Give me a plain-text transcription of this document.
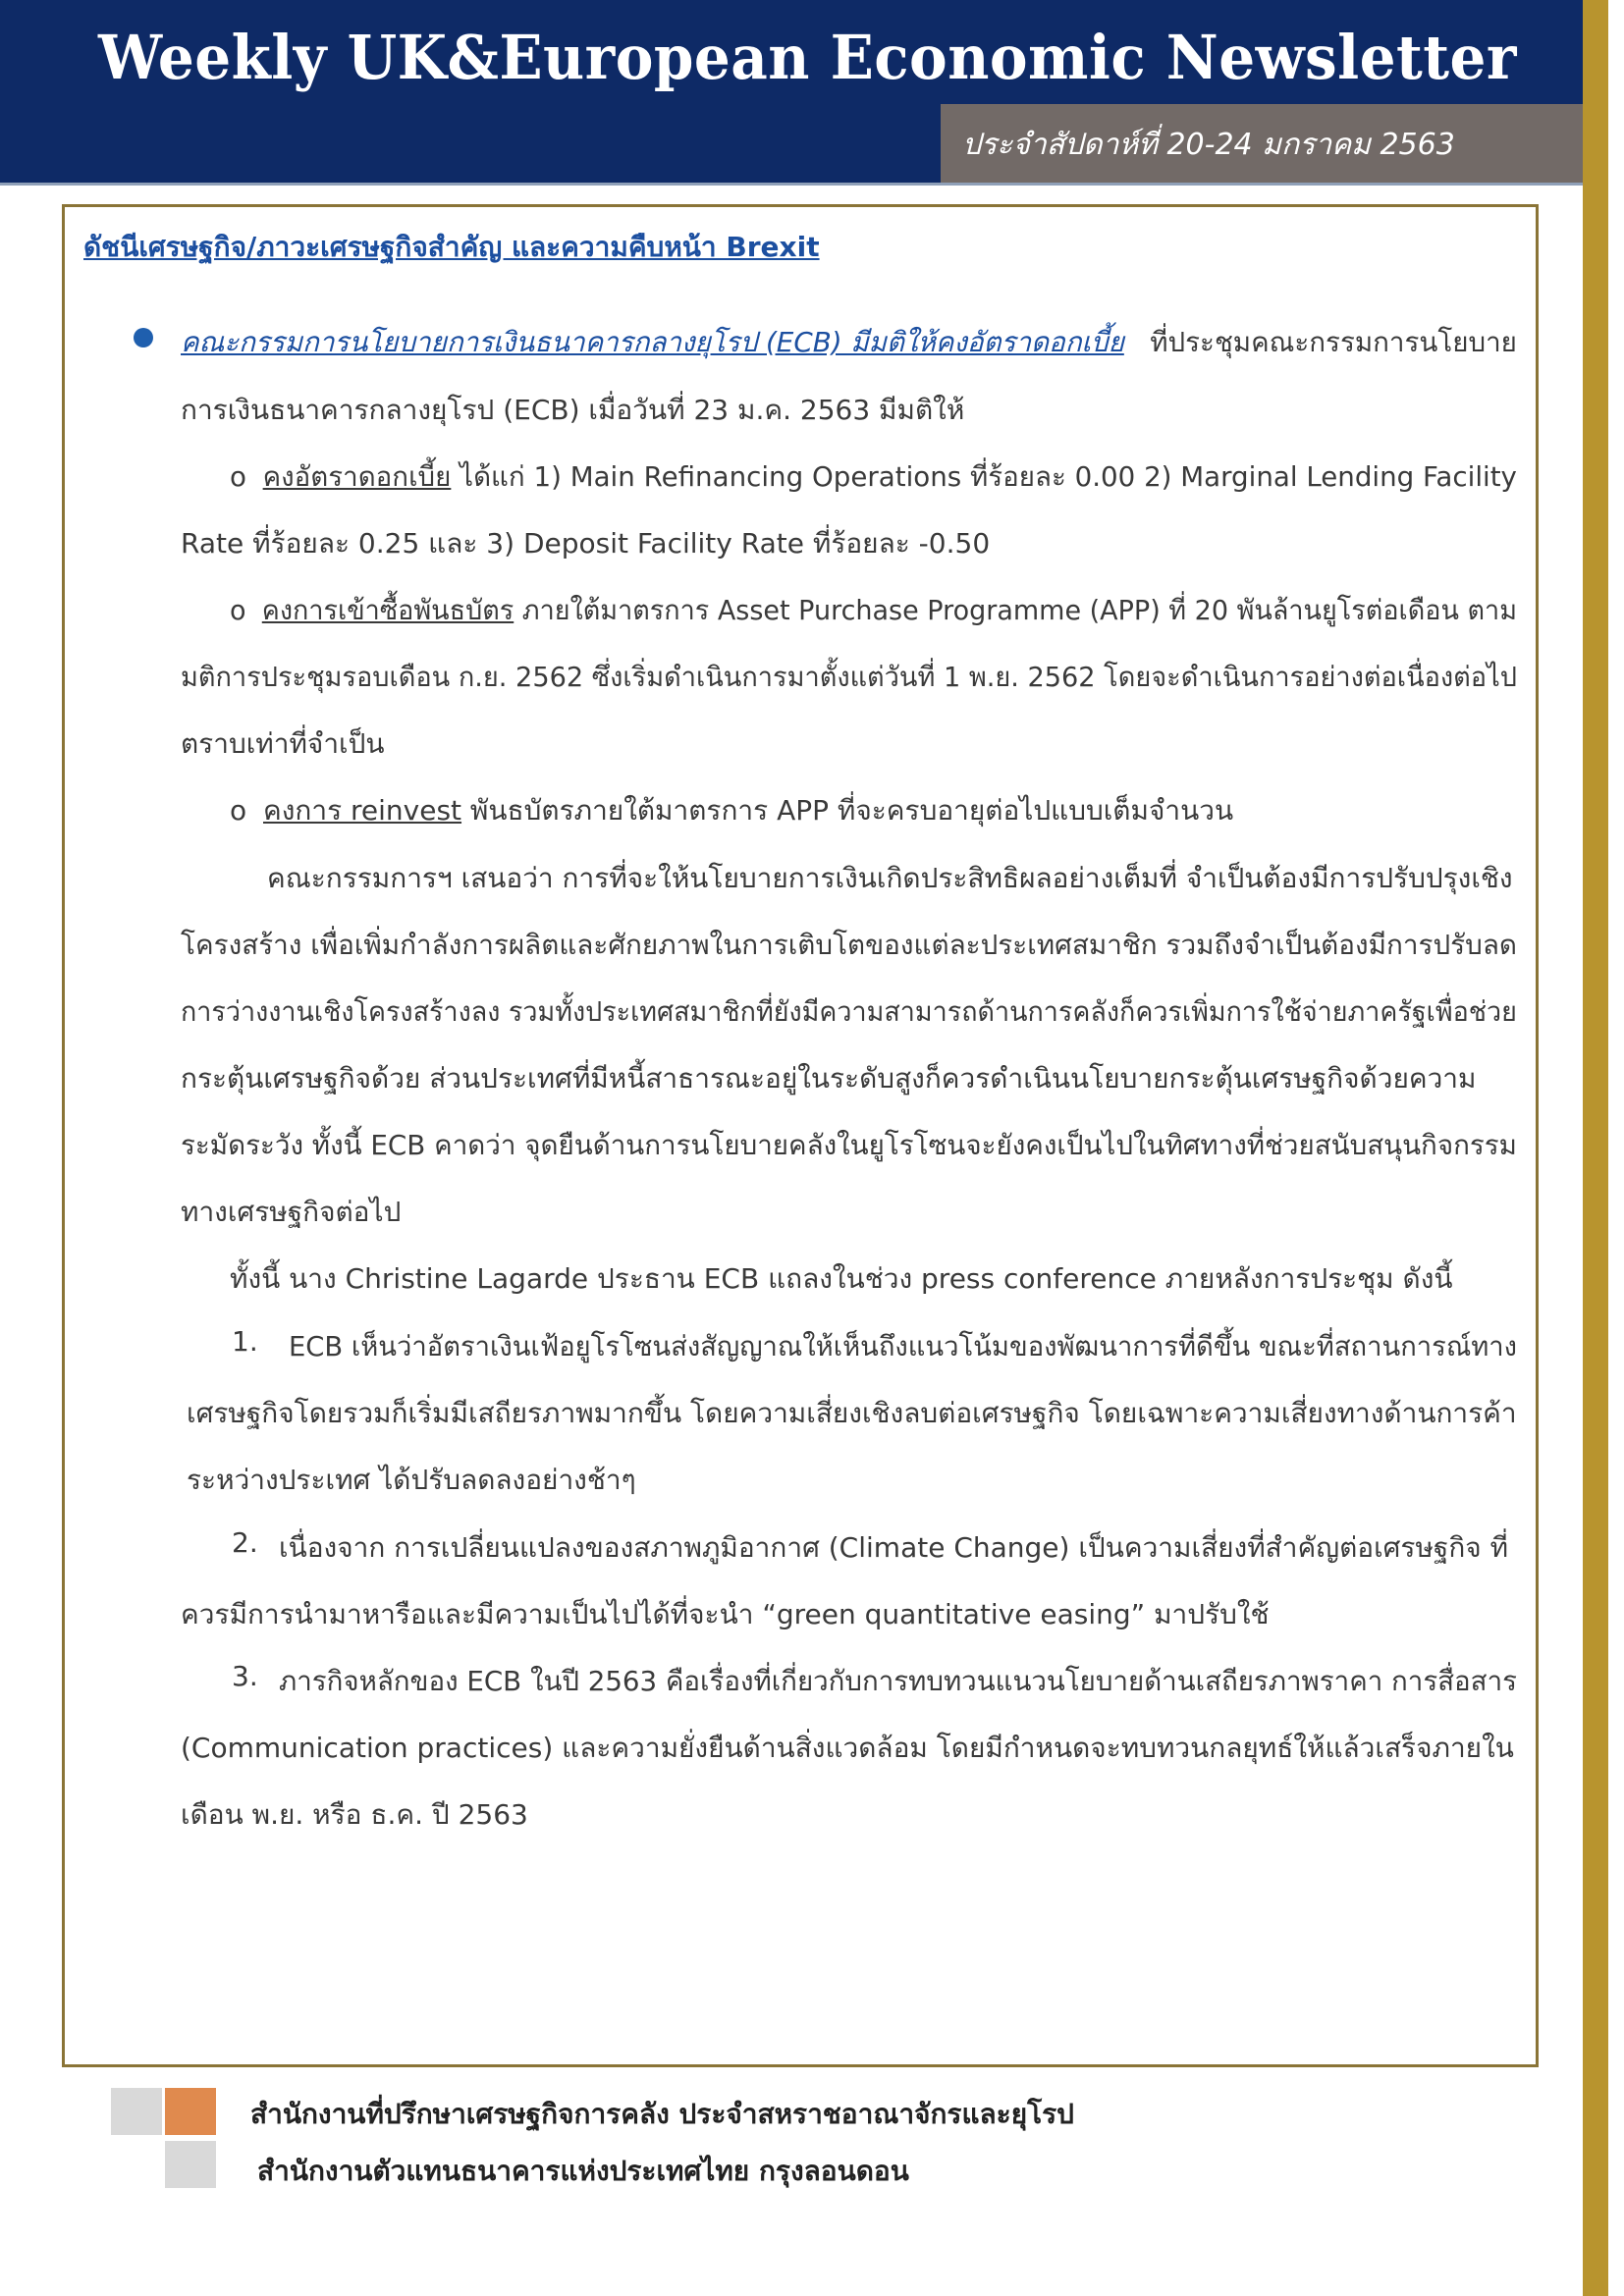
Weekly UK&European Economic Newsletter
ประจำสัปดาห์ที่ 20-24 มกราคม 2563
ดัชนีเศรษฐกิจ/ภาวะเศรษฐกิจสำคัญ และความคืบหน้า Brexit
คณะกรรมการนโยบายการเงินธนาคารกลางยุโรป (ECB) มีมติให้คงอัตราดอกเบี้ย ที่ประชุมคณะกรรมการนโยบาย
การเงินธนาคารกลางยุโรป (ECB) เมื่อวันที่ 23 ม.ค. 2563 มีมติให้
o คงอัตราดอกเบี้ย ได้แก่ 1) Main Refinancing Operations ที่ร้อยละ 0.00 2) Marginal Lending Facility
Rate ที่ร้อยละ 0.25 และ 3) Deposit Facility Rate ที่ร้อยละ -0.50
o คงการเข้าซื้อพันธบัตร ภายใต้มาตรการ Asset Purchase Programme (APP) ที่ 20 พันล้านยูโรต่อเดือน ตาม
มติการประชุมรอบเดือน ก.ย. 2562 ซึ่งเริ่มดำเนินการมาตั้งแต่วันที่ 1 พ.ย. 2562 โดยจะดำเนินการอย่างต่อเนื่องต่อไป
ตราบเท่าที่จำเป็น
o คงการ reinvest พันธบัตรภายใต้มาตรการ APP ที่จะครบอายุต่อไปแบบเต็มจำนวน
คณะกรรมการฯ เสนอว่า การที่จะให้นโยบายการเงินเกิดประสิทธิผลอย่างเต็มที่ จำเป็นต้องมีการปรับปรุงเชิง
โครงสร้าง เพื่อเพิ่มกำลังการผลิตและศักยภาพในการเติบโตของแต่ละประเทศสมาชิก รวมถึงจำเป็นต้องมีการปรับลด
การว่างงานเชิงโครงสร้างลง รวมทั้งประเทศสมาชิกที่ยังมีความสามารถด้านการคลังก็ควรเพิ่มการใช้จ่ายภาครัฐเพื่อช่วย
กระตุ้นเศรษฐกิจด้วย ส่วนประเทศที่มีหนี้สาธารณะอยู่ในระดับสูงก็ควรดำเนินนโยบายกระตุ้นเศรษฐกิจด้วยความ
ระมัดระวัง ทั้งนี้ ECB คาดว่า จุดยืนด้านการนโยบายคลังในยูโรโซนจะยังคงเป็นไปในทิศทางที่ช่วยสนับสนุนกิจกรรม
ทางเศรษฐกิจต่อไป
ทั้งนี้ นาง Christine Lagarde ประธาน ECB แถลงในช่วง press conference ภายหลังการประชุม ดังนี้
1. ECB เห็นว่าอัตราเงินเฟ้อยูโรโซนส่งสัญญาณให้เห็นถึงแนวโน้มของพัฒนาการที่ดีขึ้น ขณะที่สถานการณ์ทาง
เศรษฐกิจโดยรวมก็เริ่มมีเสถียรภาพมากขึ้น โดยความเสี่ยงเชิงลบต่อเศรษฐกิจ โดยเฉพาะความเสี่ยงทางด้านการค้า
ระหว่างประเทศ ได้ปรับลดลงอย่างช้าๆ
2. เนื่องจาก การเปลี่ยนแปลงของสภาพภูมิอากาศ (Climate Change) เป็นความเสี่ยงที่สำคัญต่อเศรษฐกิจ ที่
ควรมีการนำมาหารือและมีความเป็นไปได้ที่จะนำ “green quantitative easing” มาปรับใช้
3. ภารกิจหลักของ ECB ในปี 2563 คือเรื่องที่เกี่ยวกับการทบทวนแนวนโยบายด้านเสถียรภาพราคา การสื่อสาร
(Communication practices) และความยั่งยืนด้านสิ่งแวดล้อม โดยมีกำหนดจะทบทวนกลยุทธ์ให้แล้วเสร็จภายใน
เดือน พ.ย. หรือ ธ.ค. ปี 2563
สำนักงานที่ปรึกษาเศรษฐกิจการคลัง ประจำสหราชอาณาจักรและยุโรป
สำนักงานตัวแทนธนาคารแห่งประเทศไทย กรุงลอนดอน
